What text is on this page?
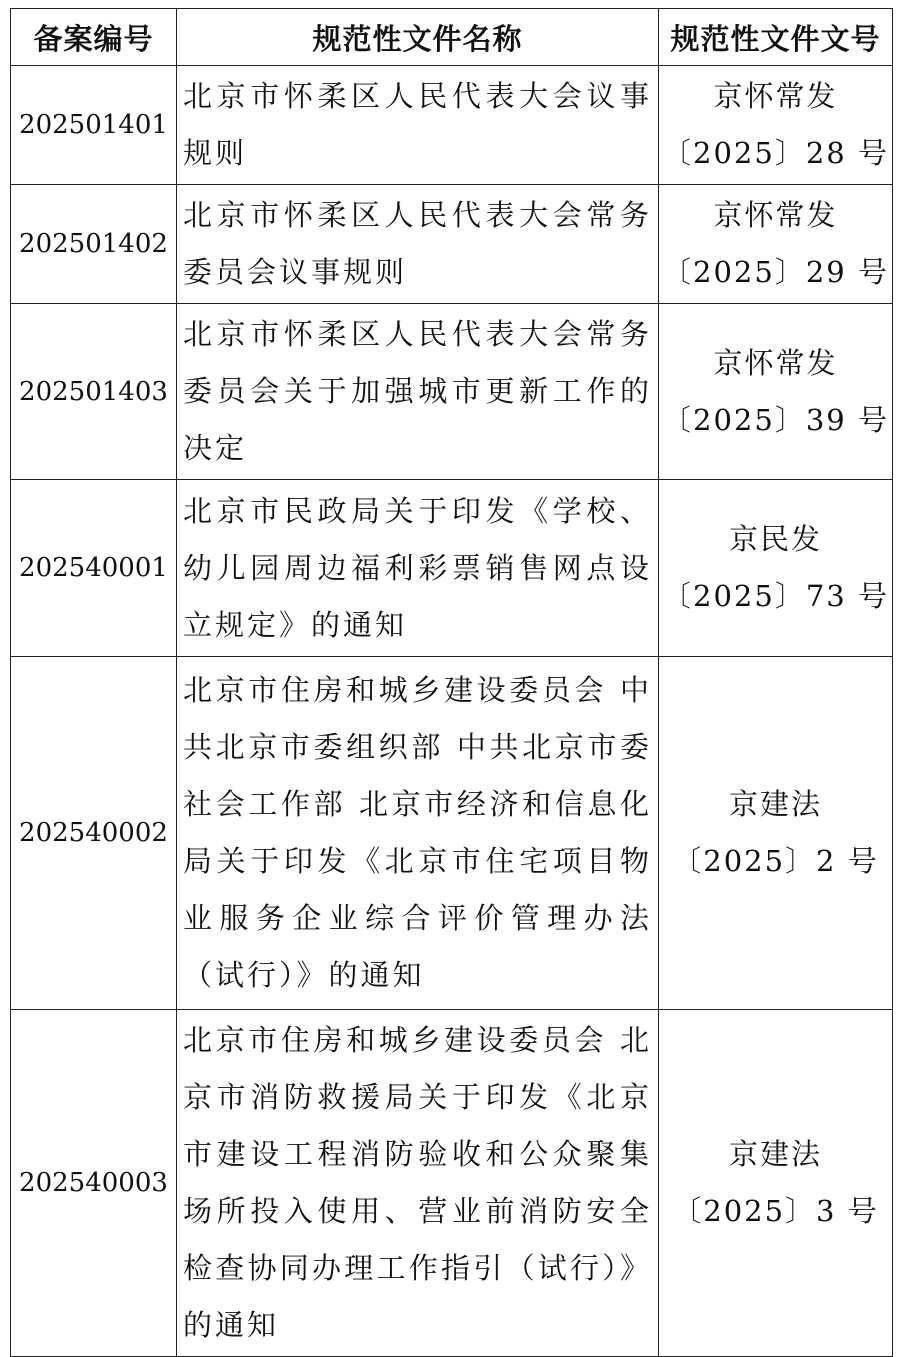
备案编号	规范性文件名称	规范性文件文号
202501401	北京市怀柔区人民代表大会议事规则	京怀常发
〔2025〕28 号

202501402	北京市怀柔区人民代表大会常务委员会议事规则	京怀常发
〔2025〕29 号

202501403	北京市怀柔区人民代表大会常务委员会关于加强城市更新工作的决定	京怀常发
〔2025〕39 号

202540001	北京市民政局关于印发《学校、幼儿园周边福利彩票销售网点设立规定》的通知	京民发
〔2025〕73 号

202540002	北京市住房和城乡建设委员会 中共北京市委组织部 中共北京市委社会工作部 北京市经济和信息化局关于印发《北京市住宅项目物业服务企业综合评价管理办法（试行）》的通知	京建法
〔2025〕2 号

202540003	北京市住房和城乡建设委员会 北京市消防救援局关于印发《北京市建设工程消防验收和公众聚集场所投入使用、营业前消防安全检查协同办理工作指引（试行）》的通知	京建法
〔2025〕3 号
